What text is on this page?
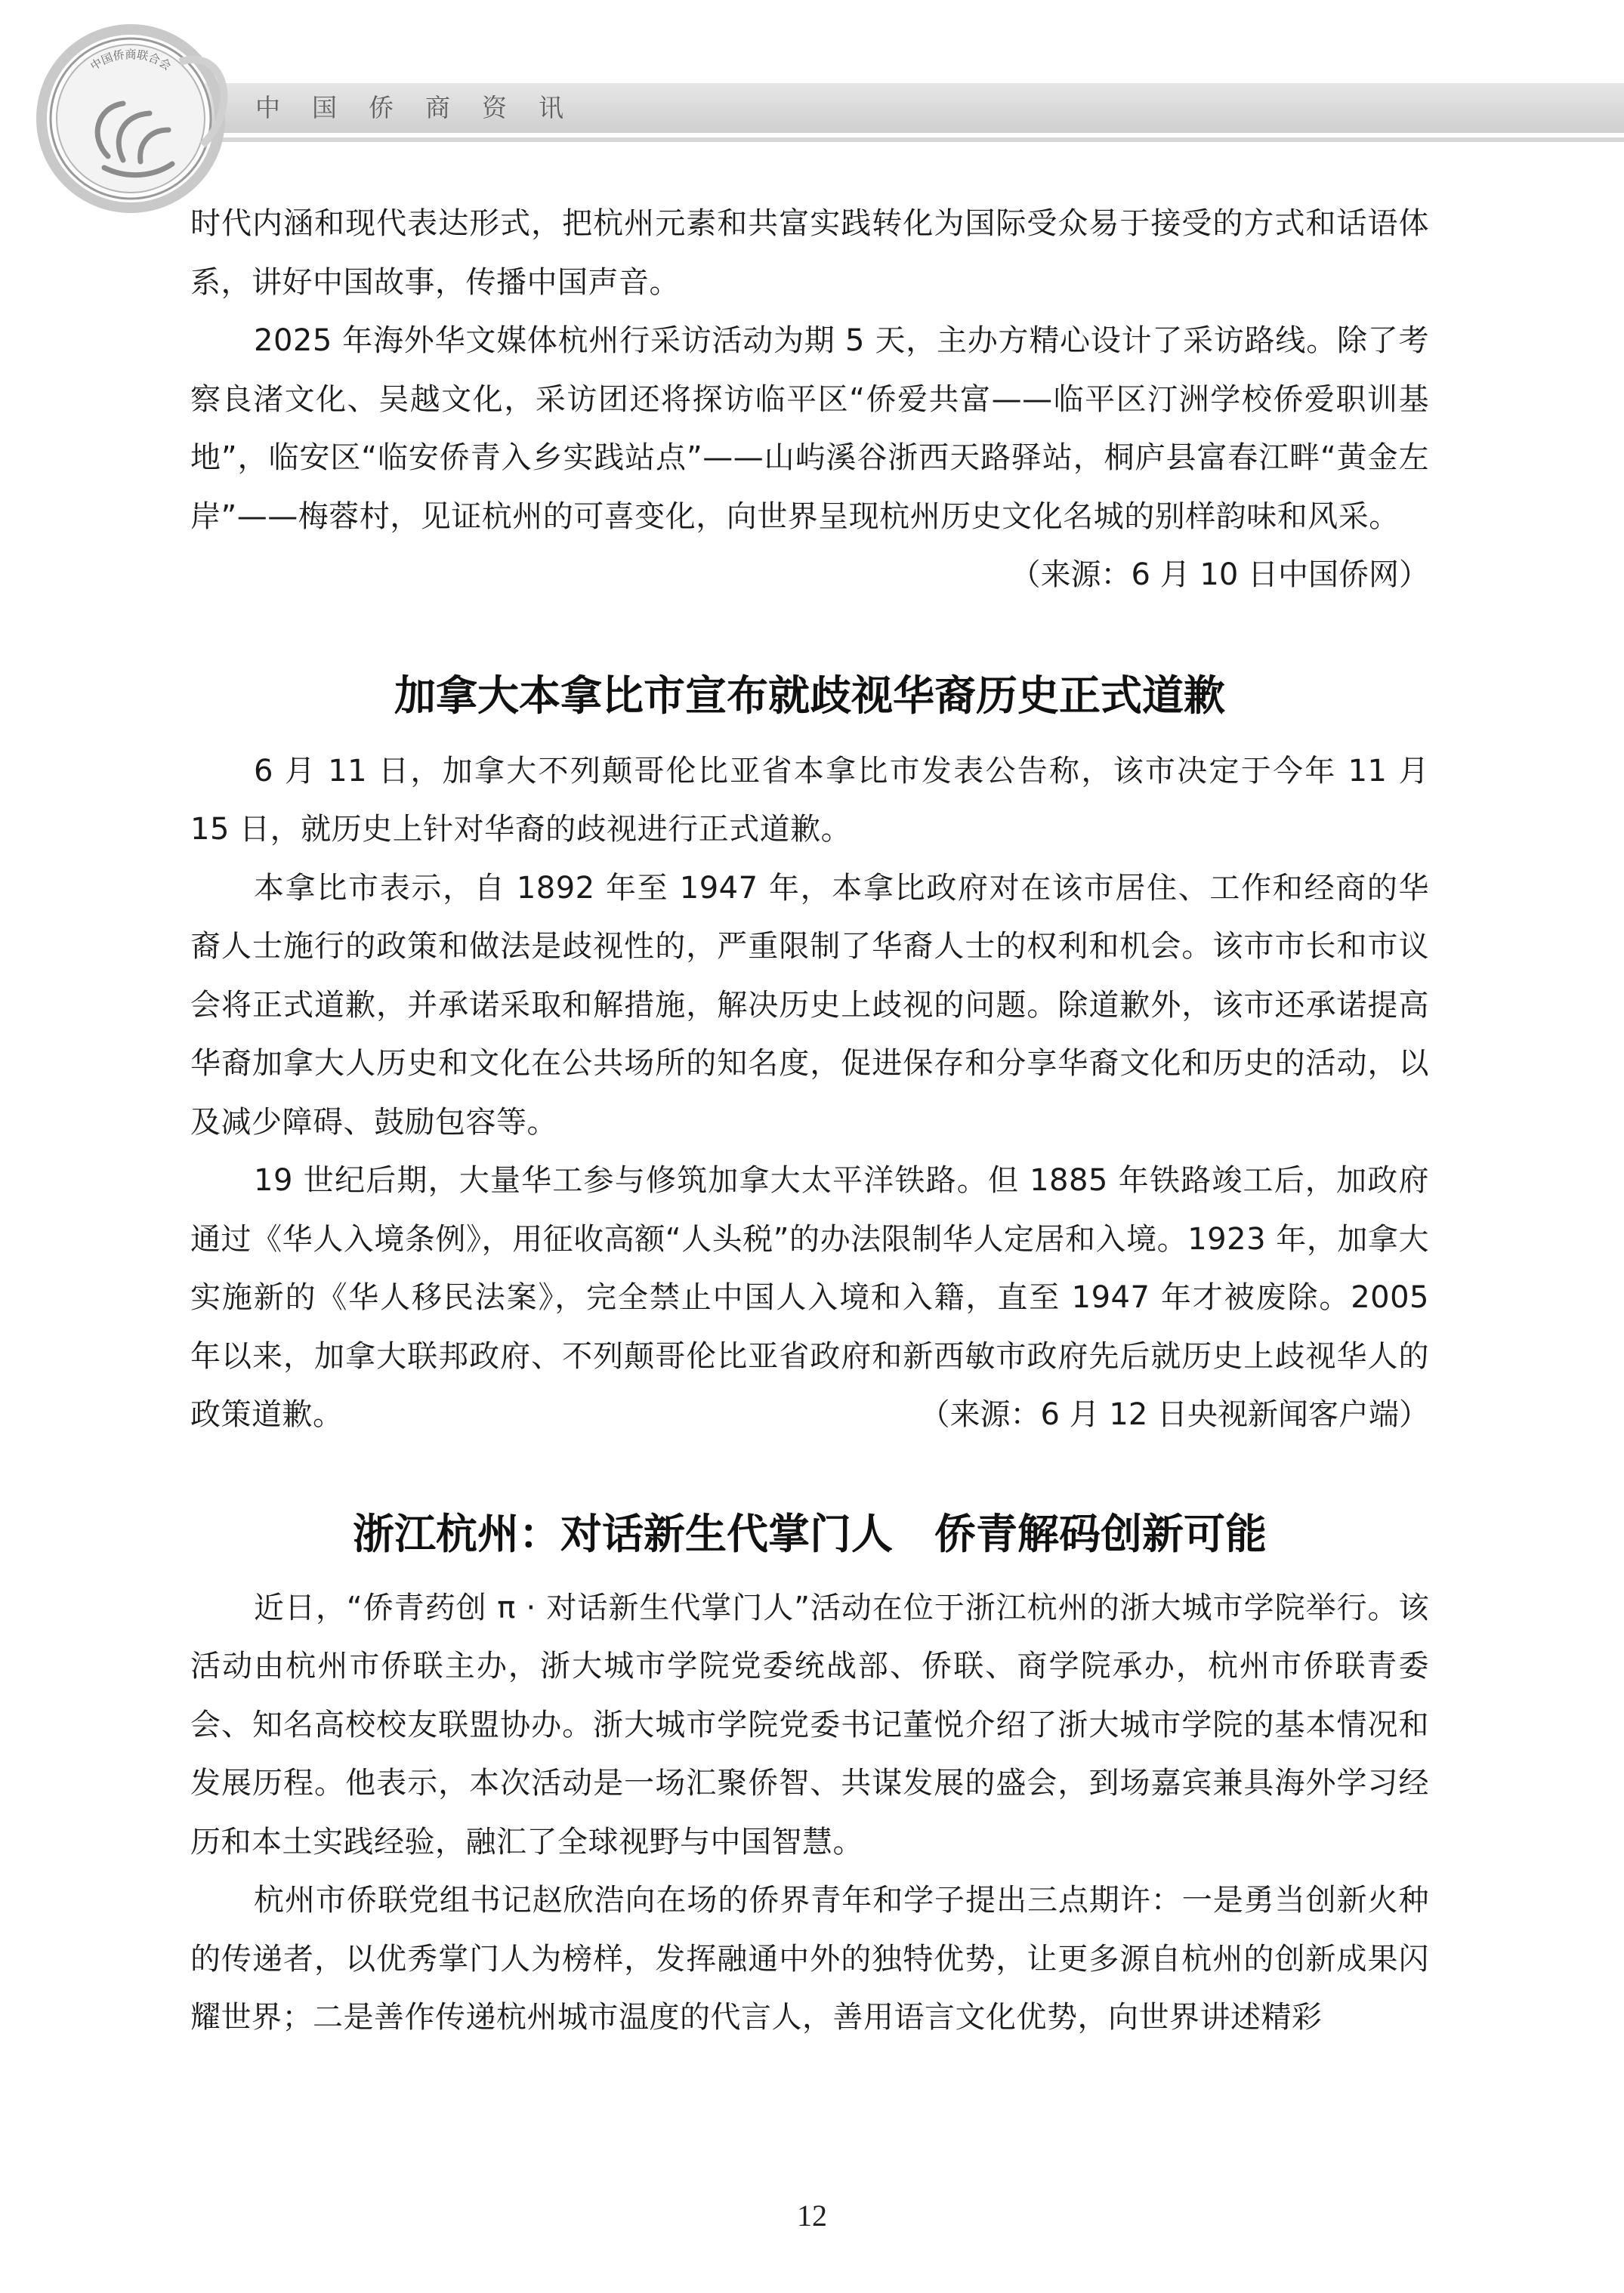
中国侨商联合会
中国侨商资讯

时代内涵和现代表达形式，把杭州元素和共富实践转化为国际受众易于接受的方式和话语体系，讲好中国故事，传播中国声音。

2025 年海外华文媒体杭州行采访活动为期 5 天，主办方精心设计了采访路线。除了考察良渚文化、吴越文化，采访团还将探访临平区“侨爱共富——临平区汀洲学校侨爱职训基地”，临安区“临安侨青入乡实践站点”——山屿溪谷浙西天路驿站，桐庐县富春江畔“黄金左岸”——梅蓉村，见证杭州的可喜变化，向世界呈现杭州历史文化名城的别样韵味和风采。

（来源：6 月 10 日中国侨网）

加拿大本拿比市宣布就歧视华裔历史正式道歉

6 月 11 日，加拿大不列颠哥伦比亚省本拿比市发表公告称，该市决定于今年 11 月 15 日，就历史上针对华裔的歧视进行正式道歉。

本拿比市表示，自 1892 年至 1947 年，本拿比政府对在该市居住、工作和经商的华裔人士施行的政策和做法是歧视性的，严重限制了华裔人士的权利和机会。该市市长和市议会将正式道歉，并承诺采取和解措施，解决历史上歧视的问题。除道歉外，该市还承诺提高华裔加拿大人历史和文化在公共场所的知名度，促进保存和分享华裔文化和历史的活动，以及减少障碍、鼓励包容等。

19 世纪后期，大量华工参与修筑加拿大太平洋铁路。但 1885 年铁路竣工后，加政府通过《华人入境条例》，用征收高额“人头税”的办法限制华人定居和入境。1923 年，加拿大实施新的《华人移民法案》，完全禁止中国人入境和入籍，直至 1947 年才被废除。2005 年以来，加拿大联邦政府、不列颠哥伦比亚省政府和新西敏市政府先后就历史上歧视华人的政策道歉。	（来源：6 月 12 日央视新闻客户端）

浙江杭州：对话新生代掌门人　侨青解码创新可能

近日，“侨青药创 π · 对话新生代掌门人”活动在位于浙江杭州的浙大城市学院举行。该活动由杭州市侨联主办，浙大城市学院党委统战部、侨联、商学院承办，杭州市侨联青委会、知名高校校友联盟协办。浙大城市学院党委书记董悦介绍了浙大城市学院的基本情况和发展历程。他表示，本次活动是一场汇聚侨智、共谋发展的盛会，到场嘉宾兼具海外学习经历和本土实践经验，融汇了全球视野与中国智慧。

杭州市侨联党组书记赵欣浩向在场的侨界青年和学子提出三点期许：一是勇当创新火种的传递者，以优秀掌门人为榜样，发挥融通中外的独特优势，让更多源自杭州的创新成果闪耀世界；二是善作传递杭州城市温度的代言人，善用语言文化优势，向世界讲述精彩

12
